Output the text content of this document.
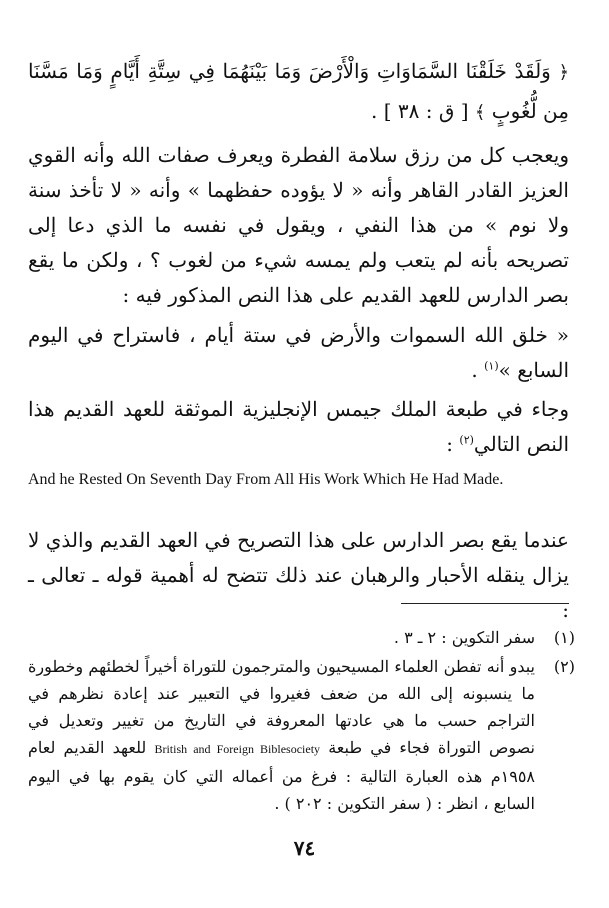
﴿ وَلَقَدْ خَلَقْنَا السَّمَاوَاتِ وَالْأَرْضَ وَمَا بَيْنَهُمَا فِي سِتَّةِ أَيَّامٍ وَمَا مَسَّنَا مِن لُّغُوبٍ ﴾ [ ق : ٣٨ ] .

ويعجب كل من رزق سلامة الفطرة ويعرف صفات الله وأنه القوي العزيز القادر القاهر وأنه « لا يؤوده حفظهما » وأنه « لا تأخذ سنة ولا نوم » من هذا النفي ، ويقول في نفسه ما الذي دعا إلى تصريحه بأنه لم يتعب ولم يمسه شيء من لغوب ؟ ، ولكن ما يقع بصر الدارس للعهد القديم على هذا النص المذكور فيه :

« خلق الله السموات والأرض في ستة أيام ، فاستراح في اليوم السابع »$^{(١)}$ .

وجاء في طبعة الملك جيمس الإنجليزية الموثقة للعهد القديم هذا النص التالي$^{(٢)}$ :

And he Rested On Seventh Day From All His Work Which He Had Made.

عندما يقع بصر الدارس على هذا التصريح في العهد القديم والذي لا يزال ينقله الأحبار والرهبان عند ذلك تتضح له أهمية قوله ـ تعالى ـ :

(١)
سفر التكوين : ٢ ـ ٣ .
(٢)
يبدو أنه تفطن العلماء المسيحيون والمترجمون للتوراة أخيراً لخطئهم وخطورة ما ينسبونه إلى الله من ضعف فغيروا في التعبير عند إعادة نظرهم في التراجم حسب ما هي عادتها المعروفة في التاريخ من تغيير وتعديل في نصوص التوراة فجاء في طبعة British and Foreign Biblesociety للعهد القديم لعام ١٩٥٨م هذه العبارة التالية : فرغ من أعماله التي كان يقوم بها في اليوم السابع ، انظر : ( سفر التكوين : ٢٠٢ ) .
٧٤
